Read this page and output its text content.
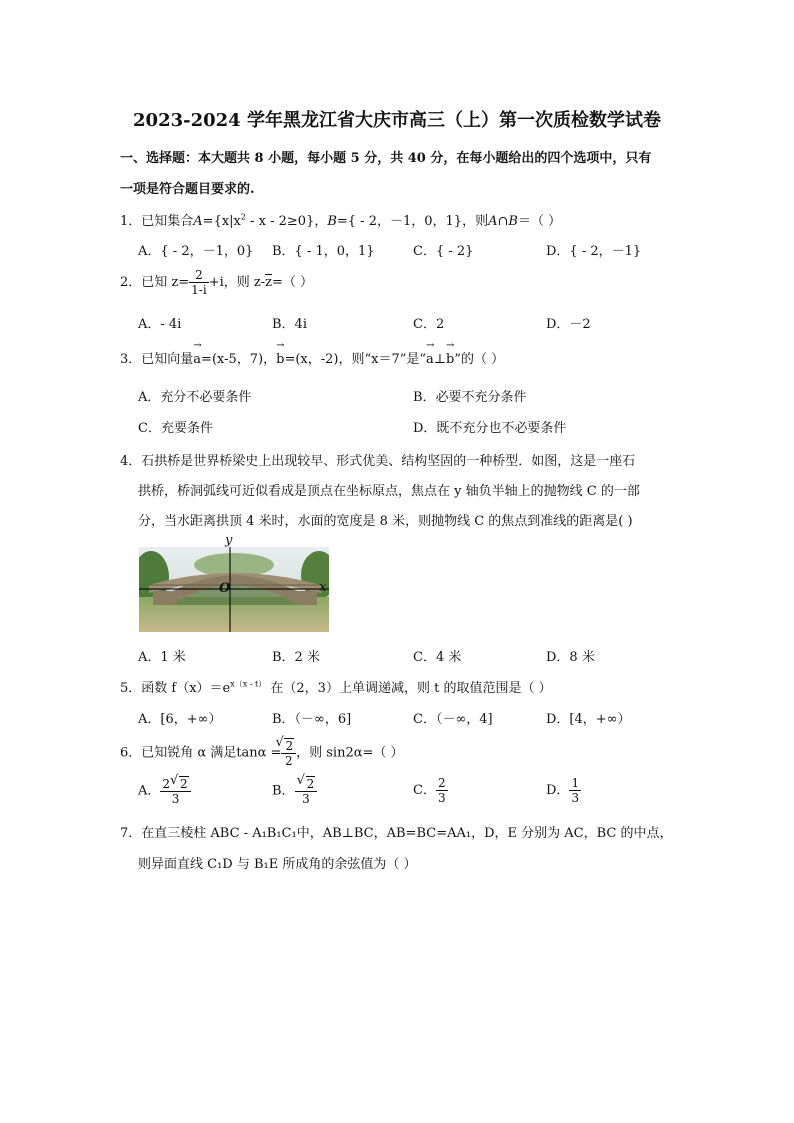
2023-2024 学年黑龙江省大庆市高三（上）第一次质检数学试卷
一、选择题：本大题共 8 小题，每小题 5 分，共 40 分，在每小题给出的四个选项中，只有
一项是符合题目要求的.
1．已知集合$A=\{x|x^2 - x - 2\ge 0\}$，B={ - 2，－1，0，1}，则A∩B＝（ ）
A．{ - 2，－1，0} B．{ - 1，0，1}	C．{ - 2}	D．{ - 2，－1}
2．已知 $z= \frac{2}{1-i} +i$，则 $z-\overline{z}=$（ ）
A．- 4i	B．4i	C．2	D．－2
3．已知向量→ a=(x-5，7)，→ b=(x，-2)，则“x＝7”是“→ a⊥→ b”的（ ）
A．充分不必要条件	B．必要不充分条件
C．充要条件	D．既不充分也不必要条件
4．石拱桥是世界桥梁史上出现较早、形式优美、结构坚固的一种桥型．如图，这是一座石
拱桥，桥洞弧线可近似看成是顶点在坐标原点，焦点在 y 轴负半轴上的抛物线 C 的一部
分，当水距离拱顶 4 米时，水面的宽度是 8 米，则抛物线 C 的焦点到准线的距离是( )
y
O	x
A．1 米	B．2 米	C．4 米	D．8 米
5．函数 $f(x)=e^{x(x - t)}$ 在（2，3）上单调递减，则 t 的取值范围是（ ）
A．[6，+∞）	B．（－∞，6]	C．（－∞，4]	D．[4，+∞）
6．已知锐角 α 满足tanα = √ $\frac{2}{2}$ ，则 sin2α=（ ）
A． $\frac{2 √ 2}{3}$	B． √ $\frac{2}{3}$	C． $\frac{2}{3}$	D． $\frac{1}{3}$
7．在直三棱柱 ABC - A₁B₁C₁中，AB⊥BC，AB=BC=AA₁，D，E 分别为 AC，BC 的中点，
则异面直线 C₁D 与 B₁E 所成角的余弦值为（ ）
